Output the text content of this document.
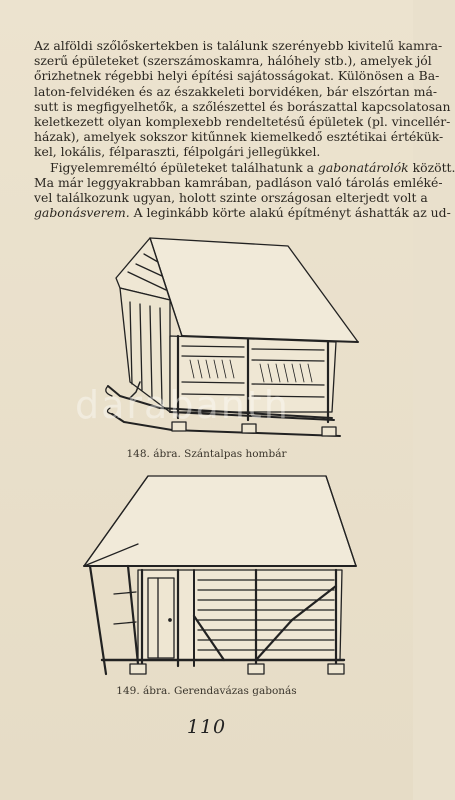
Az alföldi szőlőskertekben is találunk szerényebb kivitelű kamra-
szerű épületeket (szerszámoskamra, hálóhely stb.), amelyek jól
őrizhetnek régebbi helyi építési sajátosságokat. Különösen a Ba-
laton-felvidéken és az északkeleti borvidéken, bár elszórtan má-
sutt is megfigyelhetők, a szőlészettel és borászattal kapcsolatosan
keletkezett olyan komplexebb rendeltetésű épületek (pl. vincellér-
házak), amelyek sokszor kitűnnek kiemelkedő esztétikai értékük-
kel, lokális, félparaszti, félpolgári jellegükkel.

Figyelemreméltó épületeket találhatunk a gabonatárolók között.
Ma már leggyakrabban kamrában, padláson való tárolás emléké-
vel találkozunk ugyan, holott szinte országosan elterjedt volt a
gabonásverem. A leginkább körte alakú építményt áshatták az ud-

148. ábra. Szántalpas hombár
149. ábra. Gerendavázas gabonás
110
darabanth
